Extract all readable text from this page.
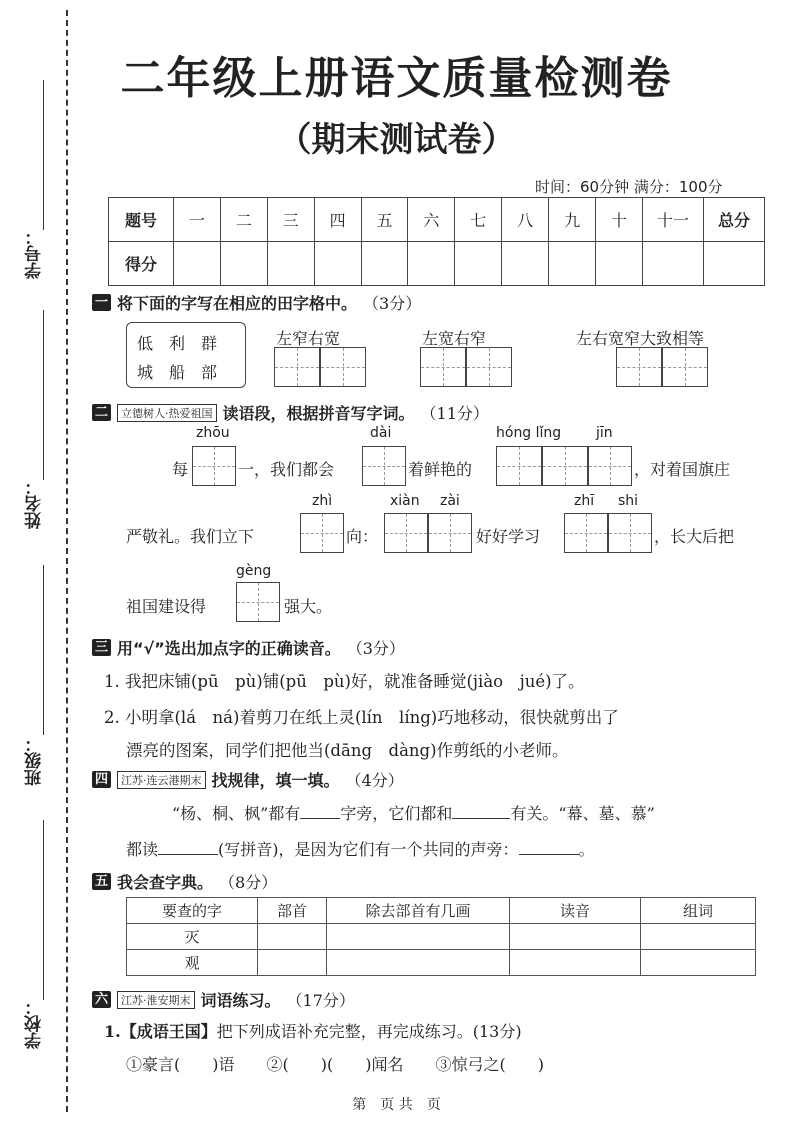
学号：
姓名：
班级：
学校：
二年级上册语文质量检测卷
（期末测试卷）
时间：60分钟 满分：100分
题号	一	二	三	四	五	六	七	八	九	十	十一	总分
得分												
一 将下面的字写在相应的田字格中。 （3分）
低　利　群
城　船　部
左窄右宽	左宽右窄	左右宽窄大致相等
二	立德树人·热爱祖国 读语段，根据拼音写字词。 （11分）
zhōu	dài	hóng lǐng jīn
每	一，我们都会	着鲜艳的	，对着国旗庄
zhì	xiàn zài	zhī shi
严敬礼。我们立下	向：	好好学习	，长大后把
gèng
祖国建设得	强大。
三 用“√”选出加点字的正确读音。 （3分）
1. 我把床铺(pū　pù)铺(pū　pù)好，就准备睡觉(jiào　jué)了。
2. 小明拿(lá　ná)着剪刀在纸上灵(lín　líng)巧地移动，很快就剪出了
漂亮的图案，同学们把他当(dāng　dàng)作剪纸的小老师。
四	江苏·连云港期末 找规律，填一填。 （4分）
“杨、桐、枫”都有	字旁，它们都和	有关。“幕、墓、慕”
都读	(写拼音)，是因为它们有一个共同的声旁：	。
五 我会查字典。 （8分）
要查的字	部首	除去部首有几画	读音	组词
灭				
观				
六	江苏·淮安期末 词语练习。 （17分）
1.【成语王国】把下列成语补充完整，再完成练习。(13分)
①豪言(　　)语　　②(　　)(　　)闻名　　③惊弓之(　　)
第　页 共　页
